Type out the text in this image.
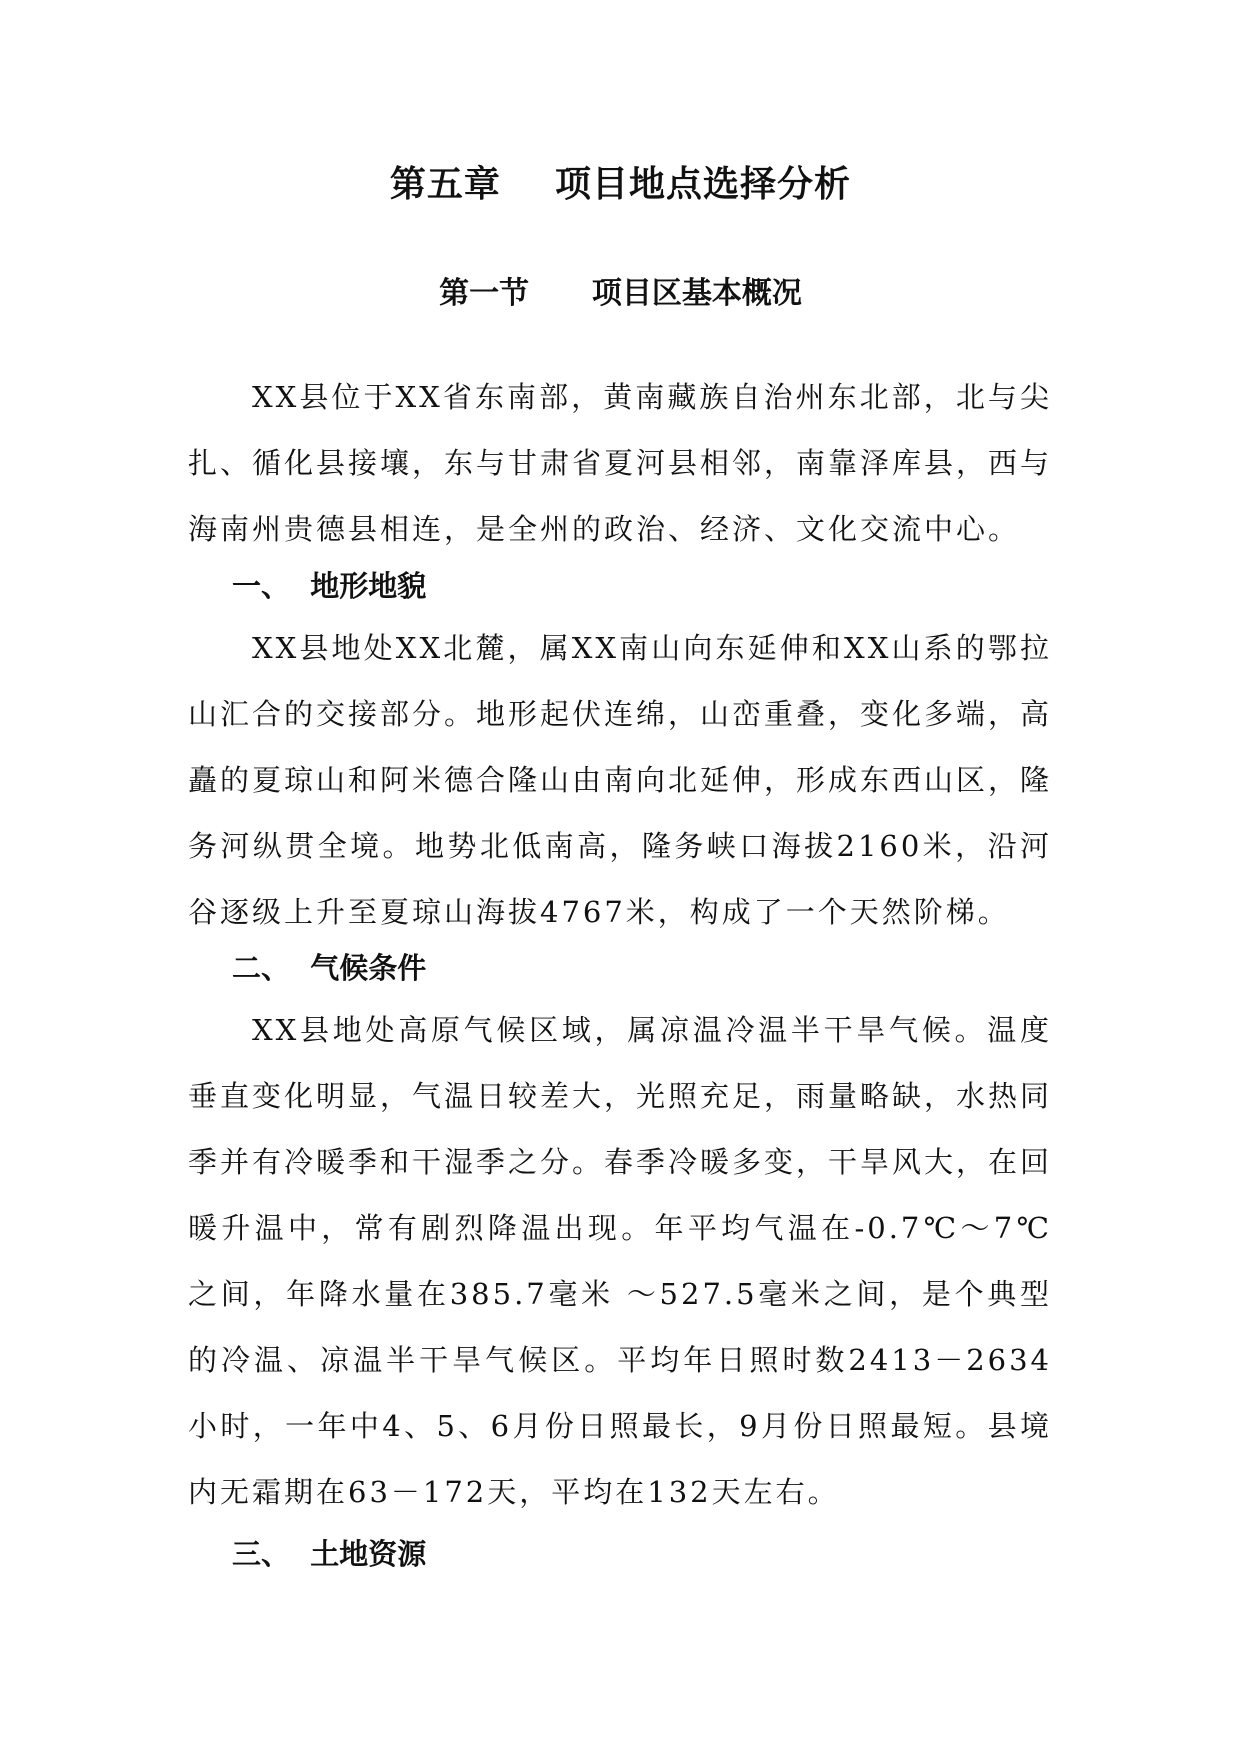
第五章    项目地点选择分析
第一节      项目区基本概况

XX县位于XX省东南部，黄南藏族自治州东北部，北与尖扎、循化县接壤，东与甘肃省夏河县相邻，南靠泽库县，西与海南州贵德县相连，是全州的政治、经济、文化交流中心。

一、  地形地貌

XX县地处XX北麓，属XX南山向东延伸和XX山系的鄂拉山汇合的交接部分。地形起伏连绵，山峦重叠，变化多端，高矗的夏琼山和阿米德合隆山由南向北延伸，形成东西山区，隆务河纵贯全境。地势北低南高，隆务峡口海拔2160米，沿河谷逐级上升至夏琼山海拔4767米，构成了一个天然阶梯。

二、  气候条件

XX县地处高原气候区域，属凉温冷温半干旱气候。温度垂直变化明显，气温日较差大，光照充足，雨量略缺，水热同季并有冷暖季和干湿季之分。春季冷暖多变，干旱风大，在回暖升温中，常有剧烈降温出现。年平均气温在-0.7℃～7℃之间，年降水量在385.7毫米 ～527.5毫米之间，是个典型的冷温、凉温半干旱气候区。平均年日照时数2413－2634小时，一年中4、5、6月份日照最长，9月份日照最短。县境内无霜期在63－172天，平均在132天左右。

三、  土地资源
